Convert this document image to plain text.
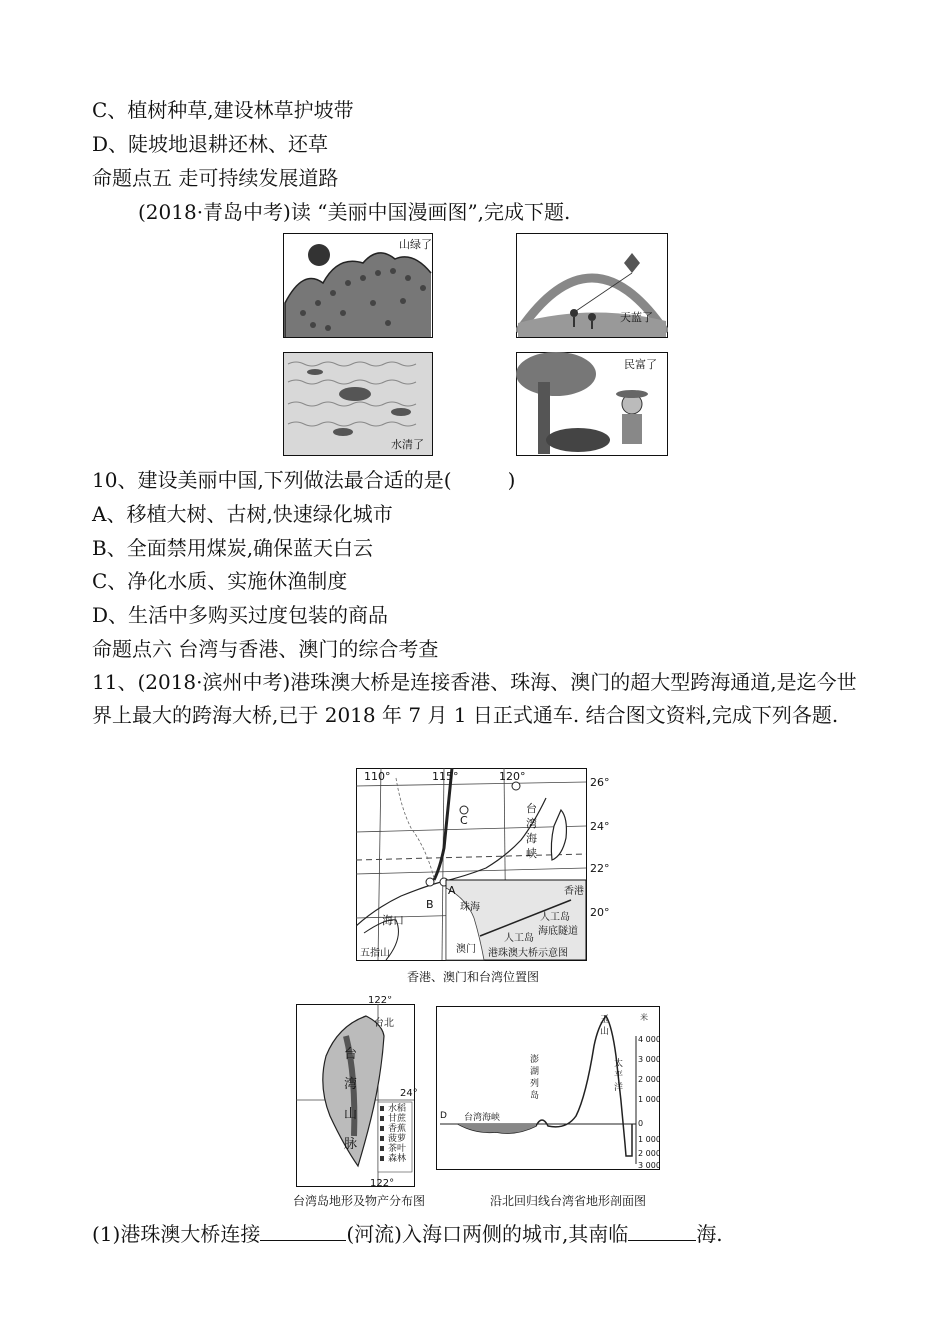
C、植树种草,建设林草护坡带
D、陡坡地退耕还林、还草
命题点五 走可持续发展道路
(2018·青岛中考)读 “美丽中国漫画图”,完成下题.
山绿了
天蓝了
水清了
民富了
10、建设美丽中国,下列做法最合适的是(	)
A、移植大树、古树,快速绿化城市
B、全面禁用煤炭,确保蓝天白云
C、净化水质、实施休渔制度
D、生活中多购买过度包装的商品
命题点六 台湾与香港、澳门的综合考查
11、(2018·滨州中考)港珠澳大桥是连接香港、珠海、澳门的超大型跨海通道,是迄今世界上最大的跨海大桥,已于 2018 年 7 月 1 日正式通车. 结合图文资料,完成下列各题.
110°	115°	120°	26°
24°
22°
20°
台
湾
海
峡
C
A
B
海口
五指山
珠海
香港
人工岛
海底隧道
人工岛
澳门 港珠澳大桥示意图
香港、澳门和台湾位置图
122°
122°
24°
台北
台
湾
山
脉
水稻
甘蔗
香蕉
菠萝
茶叶
森林
台湾岛地形及物产分布图
米
4 000
3 000
2 000
1 000
0
1 000
2 000
3 000
玉
山
澎
湖
列
岛
太
平
洋
台湾海峡
D
沿北回归线台湾省地形剖面图
(1)港珠澳大桥连接	(河流)入海口两侧的城市,其南临	海.
